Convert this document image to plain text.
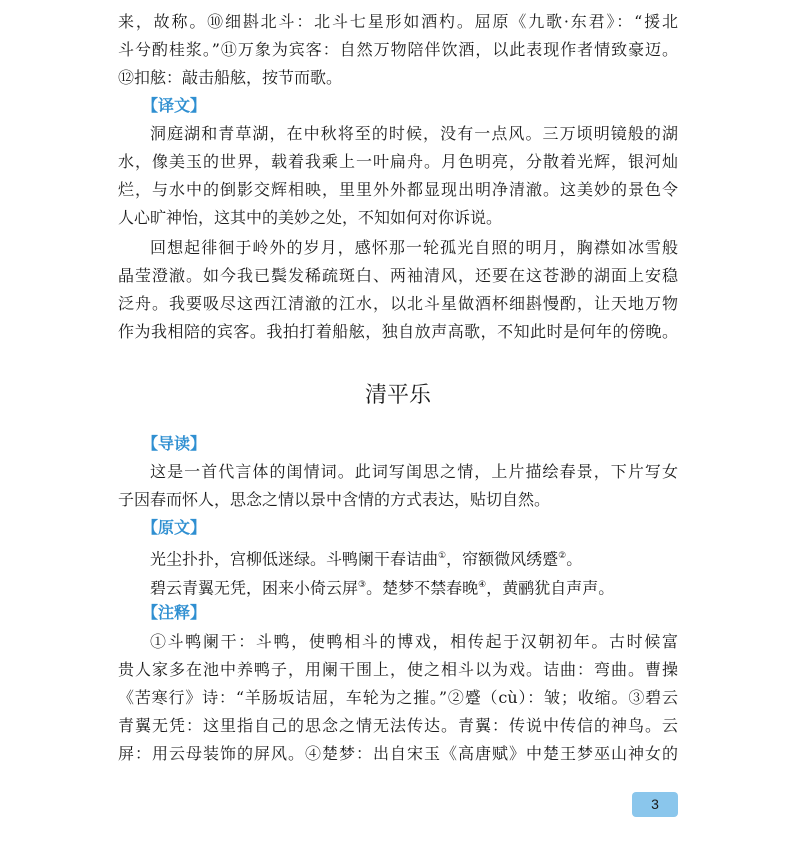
来，故称。⑩细斟北斗：北斗七星形如酒杓。屈原《九歌·东君》：“援北
斗兮酌桂浆。”⑪万象为宾客：自然万物陪伴饮酒，以此表现作者情致豪迈。
⑫扣舷：敲击船舷，按节而歌。
【译文】
洞庭湖和青草湖，在中秋将至的时候，没有一点风。三万顷明镜般的湖
水，像美玉的世界，载着我乘上一叶扁舟。月色明亮，分散着光辉，银河灿
烂，与水中的倒影交辉相映，里里外外都显现出明净清澈。这美妙的景色令
人心旷神怡，这其中的美妙之处，不知如何对你诉说。
回想起徘徊于岭外的岁月，感怀那一轮孤光自照的明月，胸襟如冰雪般
晶莹澄澈。如今我已鬓发稀疏斑白、两袖清风，还要在这苍渺的湖面上安稳
泛舟。我要吸尽这西江清澈的江水，以北斗星做酒杯细斟慢酌，让天地万物
作为我相陪的宾客。我拍打着船舷，独自放声高歌，不知此时是何年的傍晚。
清平乐
【导读】
这是一首代言体的闺情词。此词写闺思之情，上片描绘春景，下片写女
子因春而怀人，思念之情以景中含情的方式表达，贴切自然。
【原文】
光尘扑扑，宫柳低迷绿。斗鸭阑干春诘曲①，帘额微风绣蹙②。
碧云青翼无凭，困来小倚云屏③。楚梦不禁春晚④，黄鹂犹自声声。
【注释】
①斗鸭阑干：斗鸭，使鸭相斗的博戏，相传起于汉朝初年。古时候富
贵人家多在池中养鸭子，用阑干围上，使之相斗以为戏。诘曲：弯曲。曹操
《苦寒行》诗：“羊肠坂诘屈，车轮为之摧。”②蹙（cù）：皱；收缩。③碧云
青翼无凭：这里指自己的思念之情无法传达。青翼：传说中传信的神鸟。云
屏：用云母装饰的屏风。④楚梦：出自宋玉《高唐赋》中楚王梦巫山神女的
3
